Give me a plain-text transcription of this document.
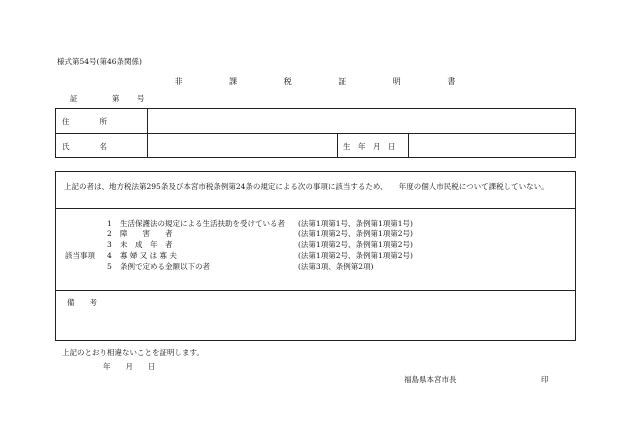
様式第54号(第46条関係)
非 課 税 証 明 書
証 第 号
住　　　　所
氏　　　　名	生　年　月　日
上記の者は、地方税法第295条及び本宮市税条例第24条の規定による次の事項に該当するため、　　年度の個人市民税について課税していない。
該当事項
1 生活保護法の規定による生活扶助を受けている者 (法第1項第1号、条例第1項第1号)
2 障　　害　　者	(法第1項第2号、条例第1項第2号)
3 未　成　年　者	(法第1項第2号、条例第1項第2号)
4 寡 婦 又 は 寡 夫	(法第1項第2号、条例第1項第2号)
5 条例で定める金額以下の者	(法第3項、条例第2項)
備　　考
上記のとおり相違ないことを証明します。
年　　月　　日
福島県本宮市長	印
